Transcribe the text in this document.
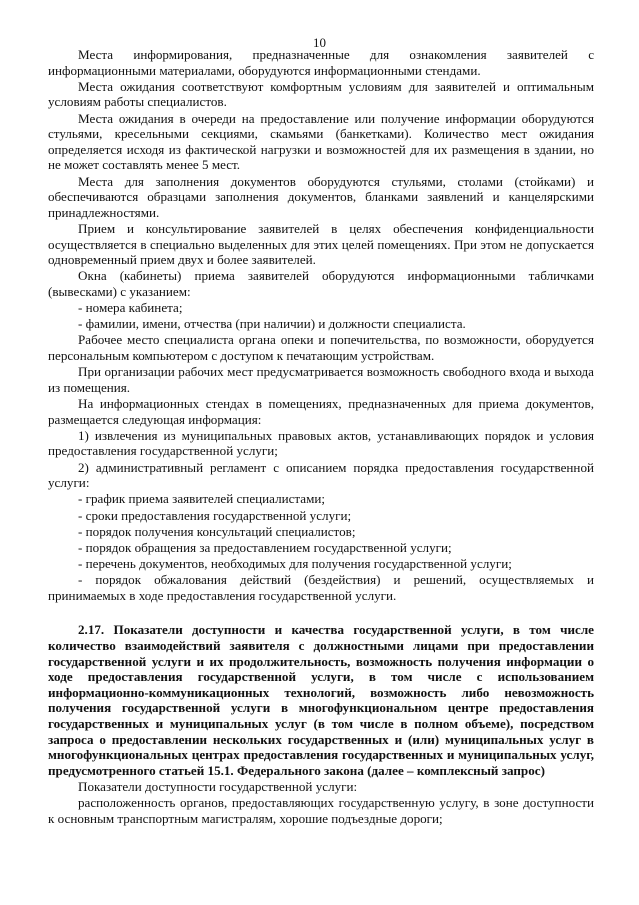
10

Места информирования, предназначенные для ознакомления заявителей с информационными материалами, оборудуются информационными стендами.

Места ожидания соответствуют комфортным условиям для заявителей и оптимальным условиям работы специалистов.

Места ожидания в очереди на предоставление или получение информации оборудуются стульями, кресельными секциями, скамьями (банкетками). Количество мест ожидания определяется исходя из фактической нагрузки и возможностей для их размещения в здании, но не может составлять менее 5 мест.

Места для заполнения документов оборудуются стульями, столами (стойками) и обеспечиваются образцами заполнения документов, бланками заявлений и канцелярскими принадлежностями.

Прием и консультирование заявителей в целях обеспечения конфиденциальности осуществляется в специально выделенных для этих целей помещениях. При этом не допускается одновременный прием двух и более заявителей.

Окна (кабинеты) приема заявителей оборудуются информационными табличками (вывесками) с указанием:

- номера кабинета;

- фамилии, имени, отчества (при наличии) и должности специалиста.

Рабочее место специалиста органа опеки и попечительства, по возможности, оборудуется персональным компьютером с доступом к печатающим устройствам.

При организации рабочих мест предусматривается возможность свободного входа и выхода из помещения.

На информационных стендах в помещениях, предназначенных для приема документов, размещается следующая информация:

1) извлечения из муниципальных правовых актов, устанавливающих порядок и условия предоставления государственной услуги;

2) административный регламент с описанием порядка предоставления государственной услуги:

- график приема заявителей специалистами;

- сроки предоставления государственной услуги;

- порядок получения консультаций специалистов;

- порядок обращения за предоставлением государственной услуги;

- перечень документов, необходимых для получения государственной услуги;

- порядок обжалования действий (бездействия) и решений, осуществляемых и принимаемых в ходе предоставления государственной услуги.

2.17. Показатели доступности и качества государственной услуги, в том числе количество взаимодействий заявителя с должностными лицами при предоставлении государственной услуги и их продолжительность, возможность получения информации о ходе предоставления государственной услуги, в том числе с использованием информационно-коммуникационных технологий, возможность либо невозможность получения государственной услуги в многофункциональном центре предоставления государственных и муниципальных услуг (в том числе в полном объеме), посредством запроса о предоставлении нескольких государственных и (или) муниципальных услуг в многофункциональных центрах предоставления государственных и муниципальных услуг, предусмотренного статьей 15.1. Федерального закона (далее – комплексный запрос)

Показатели доступности государственной услуги:

расположенность органов, предоставляющих государственную услугу, в зоне доступности к основным транспортным магистралям, хорошие подъездные дороги;
